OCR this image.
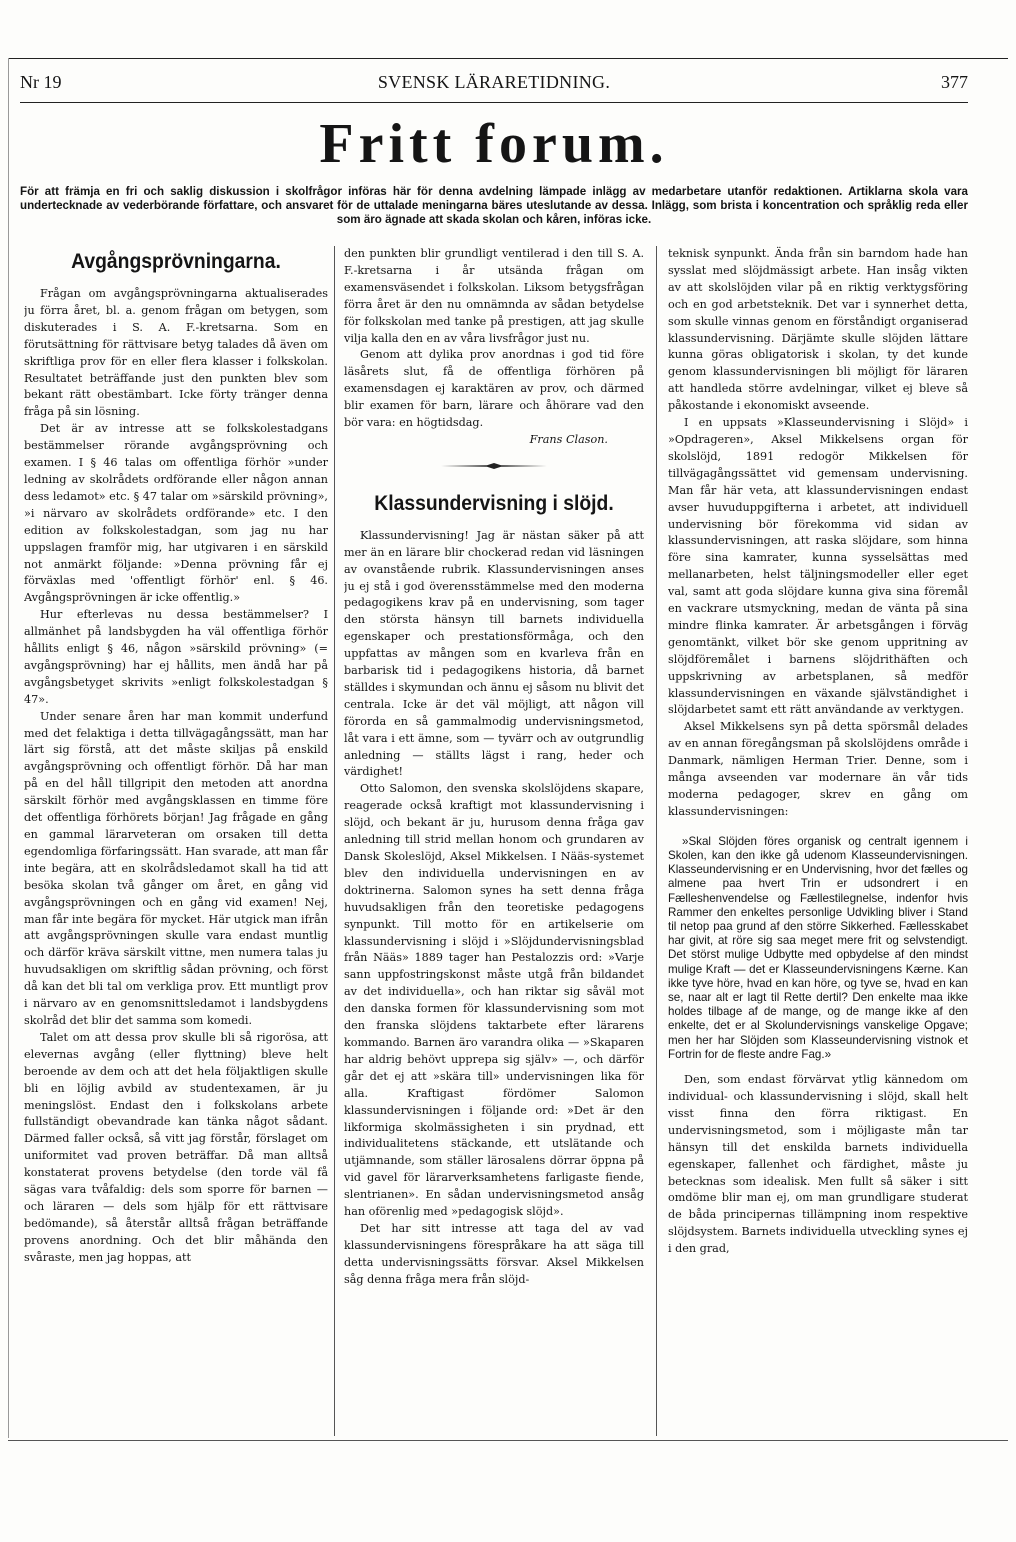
Nr 19	SVENSK LÄRARETIDNING.	377
Fritt forum.
För att främja en fri och saklig diskussion i skolfrågor införas här för denna avdelning lämpade inlägg av medarbetare utanför redaktionen. Artiklarna skola vara undertecknade av vederbörande författare, och ansvaret för de uttalade meningarna bäres uteslutande av dessa. Inlägg, som brista i koncentration och språklig reda eller som äro ägnade att skada skolan och kåren, införas icke.
Avgångsprövningarna.

Frågan om avgångsprövningarna aktualiserades ju förra året, bl. a. genom frågan om betygen, som diskuterades i S. A. F.-kretsarna. Som en förutsättning för rättvisare betyg talades då även om skriftliga prov för en eller flera klasser i folkskolan. Resultatet beträffande just den punkten blev som bekant rätt obestämbart. Icke förty tränger denna fråga på sin lösning.

Det är av intresse att se folkskolestadgans bestämmelser rörande avgångsprövning och examen. I § 46 talas om offentliga förhör »under ledning av skolrådets ordförande eller någon annan dess ledamot» etc. § 47 talar om »särskild prövning», »i närvaro av skolrådets ordförande» etc. I den edition av folkskolestadgan, som jag nu har uppslagen framför mig, har utgivaren i en särskild not anmärkt följande: »Denna prövning får ej förväxlas med 'offentligt förhör' enl. § 46. Avgångsprövningen är icke offentlig.»

Hur efterlevas nu dessa bestämmelser? I allmänhet på landsbygden ha väl offentliga förhör hållits enligt § 46, någon »särskild prövning» (= avgångsprövning) har ej hållits, men ändå har på avgångsbetyget skrivits »enligt folkskolestadgan § 47».

Under senare åren har man kommit underfund med det felaktiga i detta tillvägagångssätt, man har lärt sig förstå, att det måste skiljas på enskild avgångsprövning och offentligt förhör. Då har man på en del håll tillgripit den metoden att anordna särskilt förhör med avgångsklassen en timme före det offentliga förhörets början! Jag frågade en gång en gammal lärarveteran om orsaken till detta egendomliga förfaringssätt. Han svarade, att man får inte begära, att en skolrådsledamot skall ha tid att besöka skolan två gånger om året, en gång vid avgångsprövningen och en gång vid examen! Nej, man får inte begära för mycket. Här utgick man ifrån att avgångsprövningen skulle vara endast muntlig och därför kräva särskilt vittne, men numera talas ju huvudsakligen om skriftlig sådan prövning, och först då kan det bli tal om verkliga prov. Ett muntligt prov i närvaro av en genomsnittsledamot i landsbygdens skolråd det blir det samma som komedi.

Talet om att dessa prov skulle bli så rigorösa, att elevernas avgång (eller flyttning) bleve helt beroende av dem och att det hela följaktligen skulle bli en löjlig avbild av studentexamen, är ju meningslöst. Endast den i folkskolans arbete fullständigt obevandrade kan tänka något sådant. Därmed faller också, så vitt jag förstår, förslaget om uniformitet vad proven beträffar. Då man alltså konstaterat provens betydelse (den torde väl få sägas vara tvåfaldig: dels som sporre för barnen — och läraren — dels som hjälp för ett rättvisare bedömande), så återstår alltså frågan beträffande provens anordning. Och det blir måhända den svåraste, men jag hoppas, att

den punkten blir grundligt ventilerad i den till S. A. F.-kretsarna i år utsända frågan om examensväsendet i folkskolan. Liksom betygsfrågan förra året är den nu omnämnda av sådan betydelse för folkskolan med tanke på prestigen, att jag skulle vilja kalla den en av våra livsfrågor just nu.

Genom att dylika prov anordnas i god tid före läsårets slut, få de offentliga förhören på examensdagen ej karaktären av prov, och därmed blir examen för barn, lärare och åhörare vad den bör vara: en högtidsdag.

Frans Clason.

Klassundervisning i slöjd.

Klassundervisning! Jag är nästan säker på att mer än en lärare blir chockerad redan vid läsningen av ovanstående rubrik. Klassundervisningen anses ju ej stå i god överensstämmelse med den moderna pedagogikens krav på en undervisning, som tager den största hänsyn till barnets individuella egenskaper och prestationsförmåga, och den uppfattas av mången som en kvarleva från en barbarisk tid i pedagogikens historia, då barnet ställdes i skymundan och ännu ej såsom nu blivit det centrala. Icke är det väl möjligt, att någon vill förorda en så gammalmodig undervisningsmetod, låt vara i ett ämne, som — tyvärr och av outgrundlig anledning — ställts lägst i rang, heder och värdighet!

Otto Salomon, den svenska skolslöjdens skapare, reagerade också kraftigt mot klassundervisning i slöjd, och bekant är ju, hurusom denna fråga gav anledning till strid mellan honom och grundaren av Dansk Skoleslöjd, Aksel Mikkelsen. I Nääs-systemet blev den individuella undervisningen en av doktrinerna. Salomon synes ha sett denna fråga huvudsakligen från den teoretiske pedagogens synpunkt. Till motto för en artikelserie om klassundervisning i slöjd i »Slöjdundervisningsblad från Nääs» 1889 tager han Pestalozzis ord: »Varje sann uppfostringskonst måste utgå från bildandet av det individuella», och han riktar sig såväl mot den danska formen för klassundervisning som mot den franska slöjdens taktarbete efter lärarens kommando. Barnen äro varandra olika — »Skaparen har aldrig behövt upprepa sig själv» —, och därför går det ej att »skära till» undervisningen lika för alla. Kraftigast fördömer Salomon klassundervisningen i följande ord: »Det är den likformiga skolmässigheten i sin prydnad, ett individualitetens stäckande, ett utslätande och utjämnande, som ställer lärosalens dörrar öppna på vid gavel för lärarverksamhetens farligaste fiende, slentrianen». En sådan undervisningsmetod ansåg han oförenlig med »pedagogisk slöjd».

Det har sitt intresse att taga del av vad klassundervisningens förespråkare ha att säga till detta undervisningssätts försvar. Aksel Mikkelsen såg denna fråga mera från slöjd-

teknisk synpunkt. Ända från sin barndom hade han sysslat med slöjdmässigt arbete. Han insåg vikten av att skolslöjden vilar på en riktig verktygsföring och en god arbetsteknik. Det var i synnerhet detta, som skulle vinnas genom en förståndigt organiserad klassundervisning. Därjämte skulle slöjden lättare kunna göras obligatorisk i skolan, ty det kunde genom klassundervisningen bli möjligt för läraren att handleda större avdelningar, vilket ej bleve så påkostande i ekonomiskt avseende.

I en uppsats »Klasseundervisning i Slöjd» i »Opdrageren», Aksel Mikkelsens organ för skolslöjd, 1891 redogör Mikkelsen för tillvägagångssättet vid gemensam undervisning. Man får här veta, att klassundervisningen endast avser huvuduppgifterna i arbetet, att individuell undervisning bör förekomma vid sidan av klassundervisningen, att raska slöjdare, som hinna före sina kamrater, kunna sysselsättas med mellanarbeten, helst täljningsmodeller eller eget val, samt att goda slöjdare kunna giva sina föremål en vackrare utsmyckning, medan de vänta på sina mindre flinka kamrater. Är arbetsgången i förväg genomtänkt, vilket bör ske genom uppritning av slöjdföremålet i barnens slöjdrithäften och uppskrivning av arbetsplanen, så medför klassundervisningen en växande självständighet i slöjdarbetet samt ett rätt användande av verktygen.

Aksel Mikkelsens syn på detta spörsmål delades av en annan föregångsman på skolslöjdens område i Danmark, nämligen Herman Trier. Denne, som i många avseenden var modernare än vår tids moderna pedagoger, skrev en gång om klassundervisningen:

»Skal Slöjden föres organisk og centralt igennem i Skolen, kan den ikke gå udenom Klasseundervisningen. Klasseundervisning er en Undervisning, hvor det fælles og almene paa hvert Trin er udsondrert i en Fælleshenvendelse og Fællestilegnelse, indenfor hvis Rammer den enkeltes personlige Udvikling bliver i Stand til netop paa grund af den större Sikkerhed. Fællesskabet har givit, at röre sig saa meget mere frit og selvstendigt. Det störst mulige Udbytte med opbydelse af den mindst mulige Kraft — det er Klasseundervisningens Kærne. Kan ikke tyve höre, hvad en kan höre, og tyve se, hvad en kan se, naar alt er lagt til Rette dertil? Den enkelte maa ikke holdes tilbage af de mange, og de mange ikke af den enkelte, det er al Skolundervisnings vanskelige Opgave; men her har Slöjden som Klasseundervisning vistnok et Fortrin for de fleste andre Fag.»

Den, som endast förvärvat ytlig kännedom om individual- och klassundervisning i slöjd, skall helt visst finna den förra riktigast. En undervisningsmetod, som i möjligaste mån tar hänsyn till det enskilda barnets individuella egenskaper, fallenhet och färdighet, måste ju betecknas som idealisk. Men fullt så säker i sitt omdöme blir man ej, om man grundligare studerat de båda principernas tillämpning inom respektive slöjdsystem. Barnets individuella utveckling synes ej i den grad,
